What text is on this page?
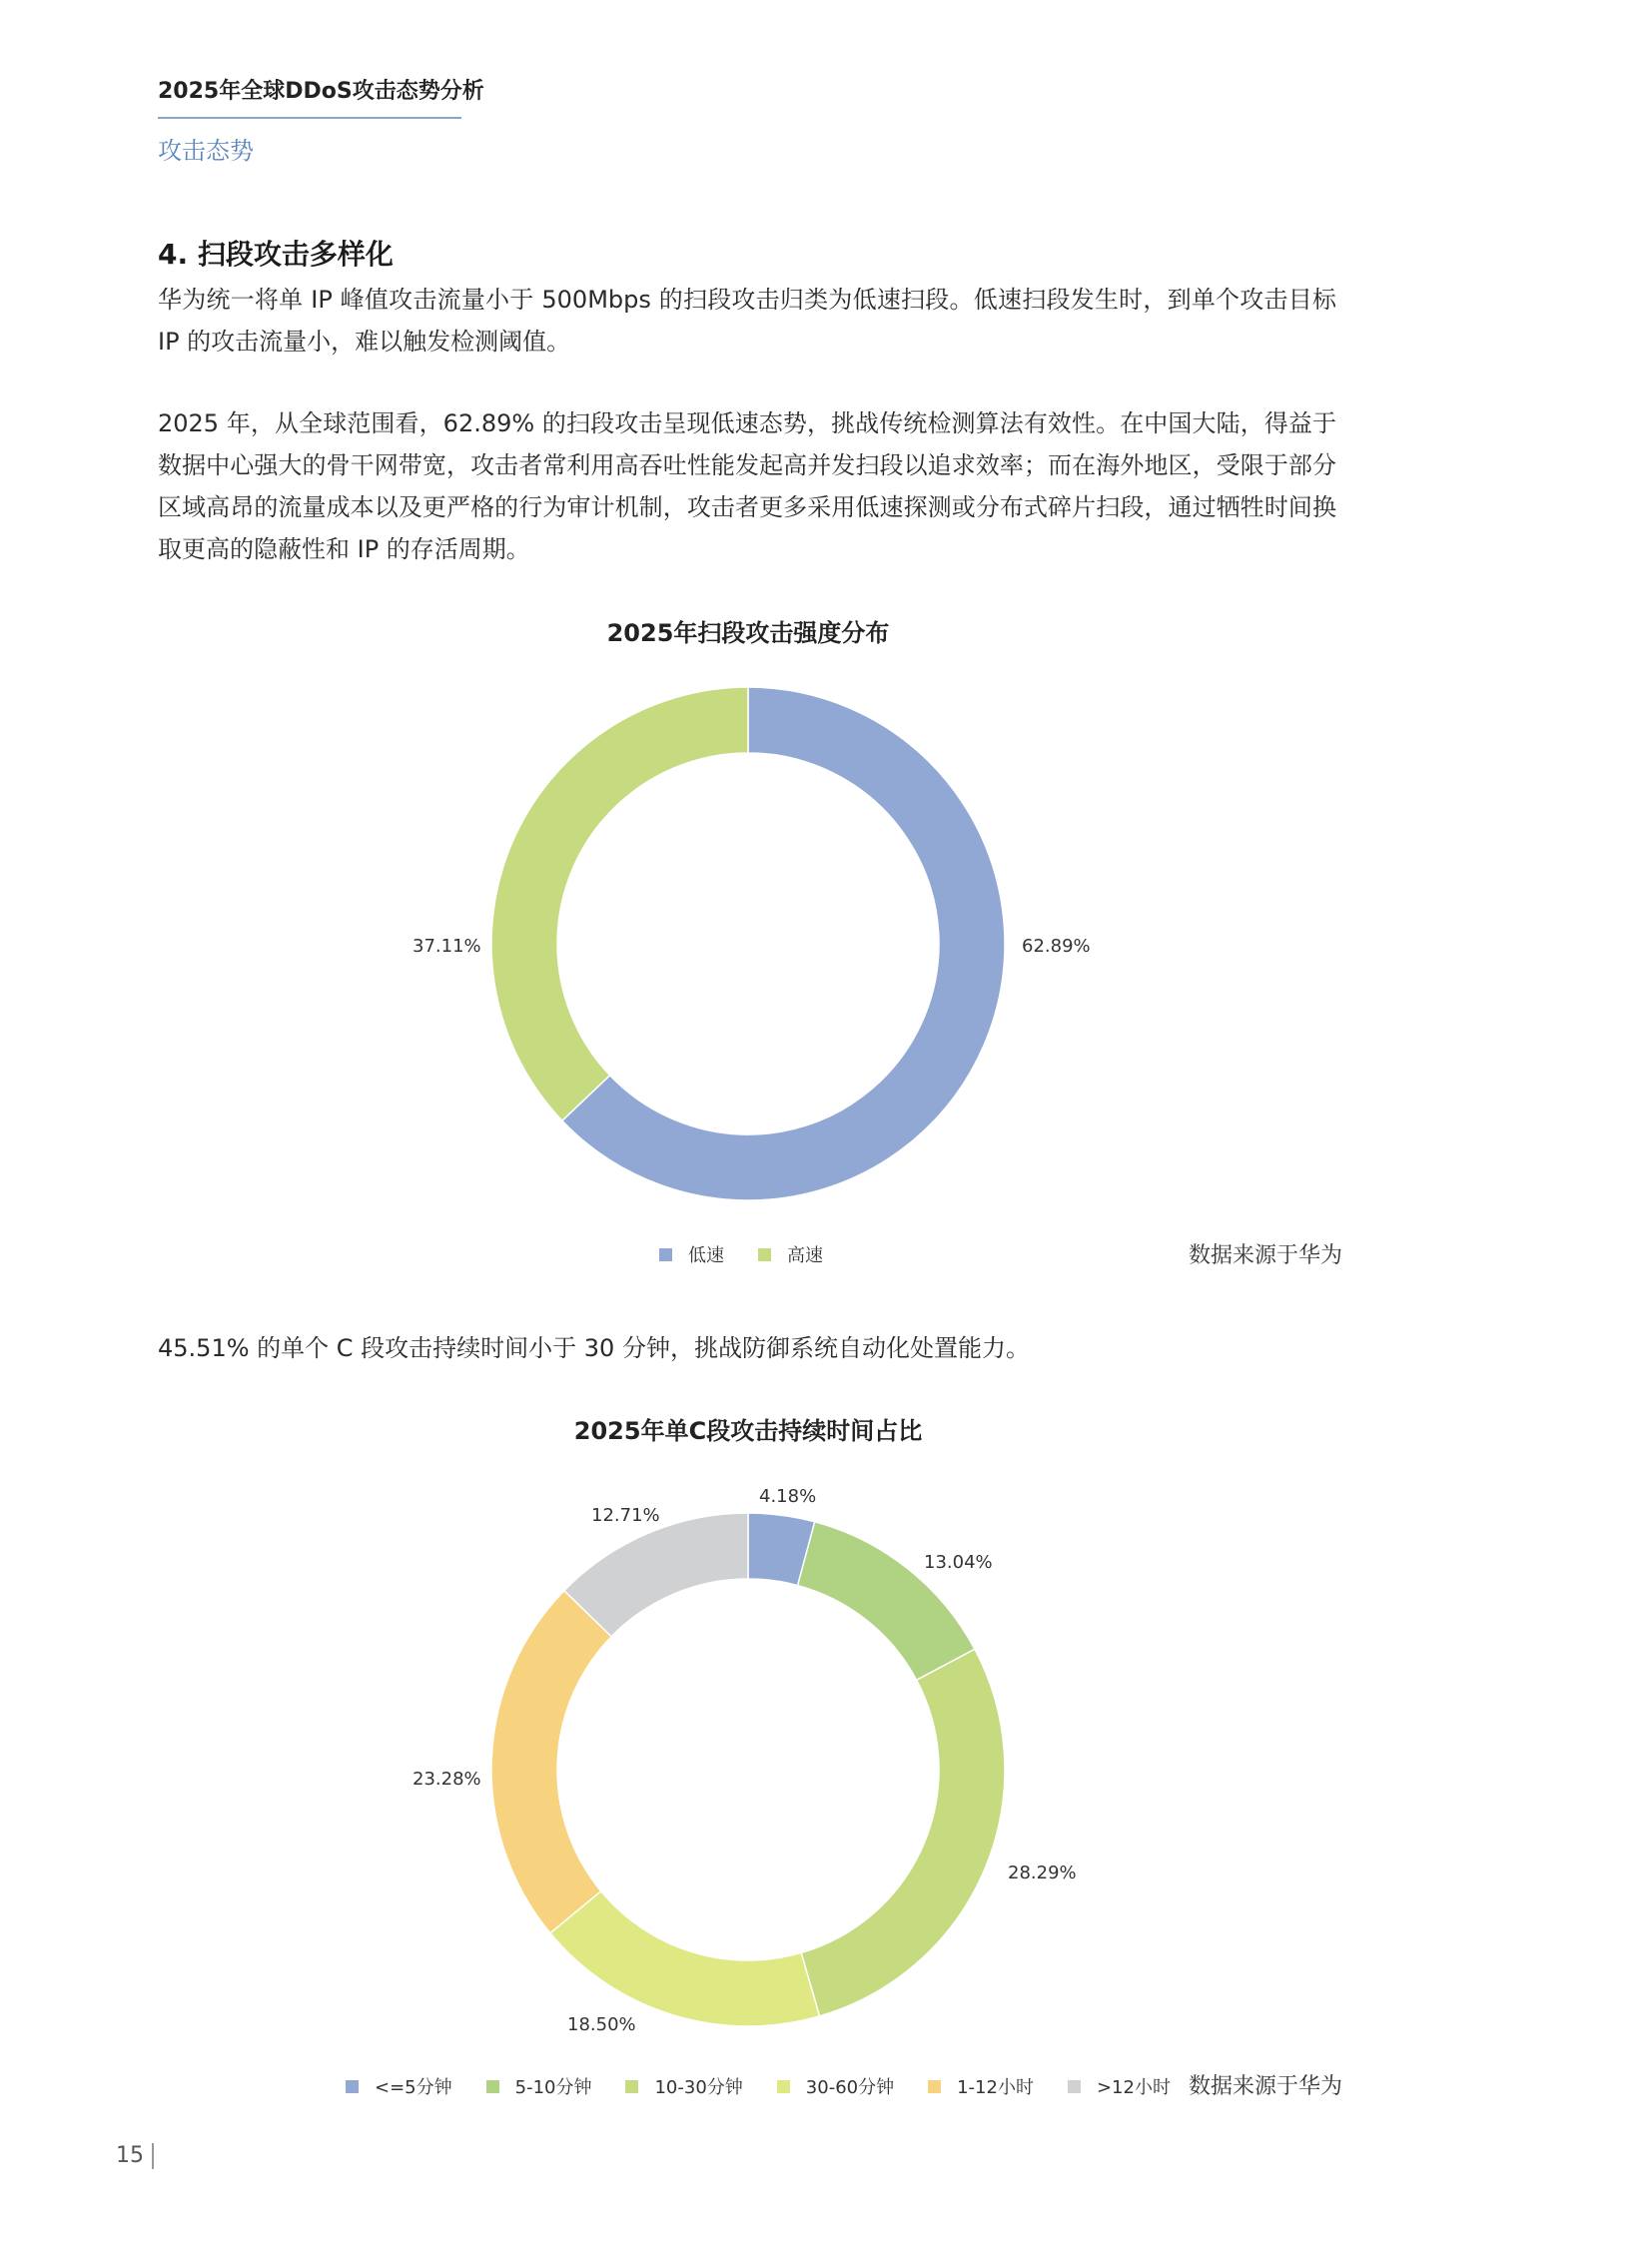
2025年全球DDoS攻击态势分析
攻击态势
4. 扫段攻击多样化
华为统一将单 IP 峰值攻击流量小于 500Mbps 的扫段攻击归类为低速扫段。低速扫段发生时，到单个攻击目标 IP 的攻击流量小，难以触发检测阈值。
2025 年，从全球范围看，62.89% 的扫段攻击呈现低速态势，挑战传统检测算法有效性。在中国大陆，得益于数据中心强大的骨干网带宽，攻击者常利用高吞吐性能发起高并发扫段以追求效率；而在海外地区，受限于部分区域高昂的流量成本以及更严格的行为审计机制，攻击者更多采用低速探测或分布式碎片扫段，通过牺牲时间换取更高的隐蔽性和 IP 的存活周期。
2025年扫段攻击强度分布
62.89%
37.11%
低速	高速	数据来源于华为
45.51% 的单个 C 段攻击持续时间小于 30 分钟，挑战防御系统自动化处置能力。
2025年单C段攻击持续时间占比
4.18%
13.04%
28.29%
18.50%
23.28%
12.71%
<=5分钟	5-10分钟	10-30分钟	30-60分钟	1-12小时	>12小时 数据来源于华为
15
